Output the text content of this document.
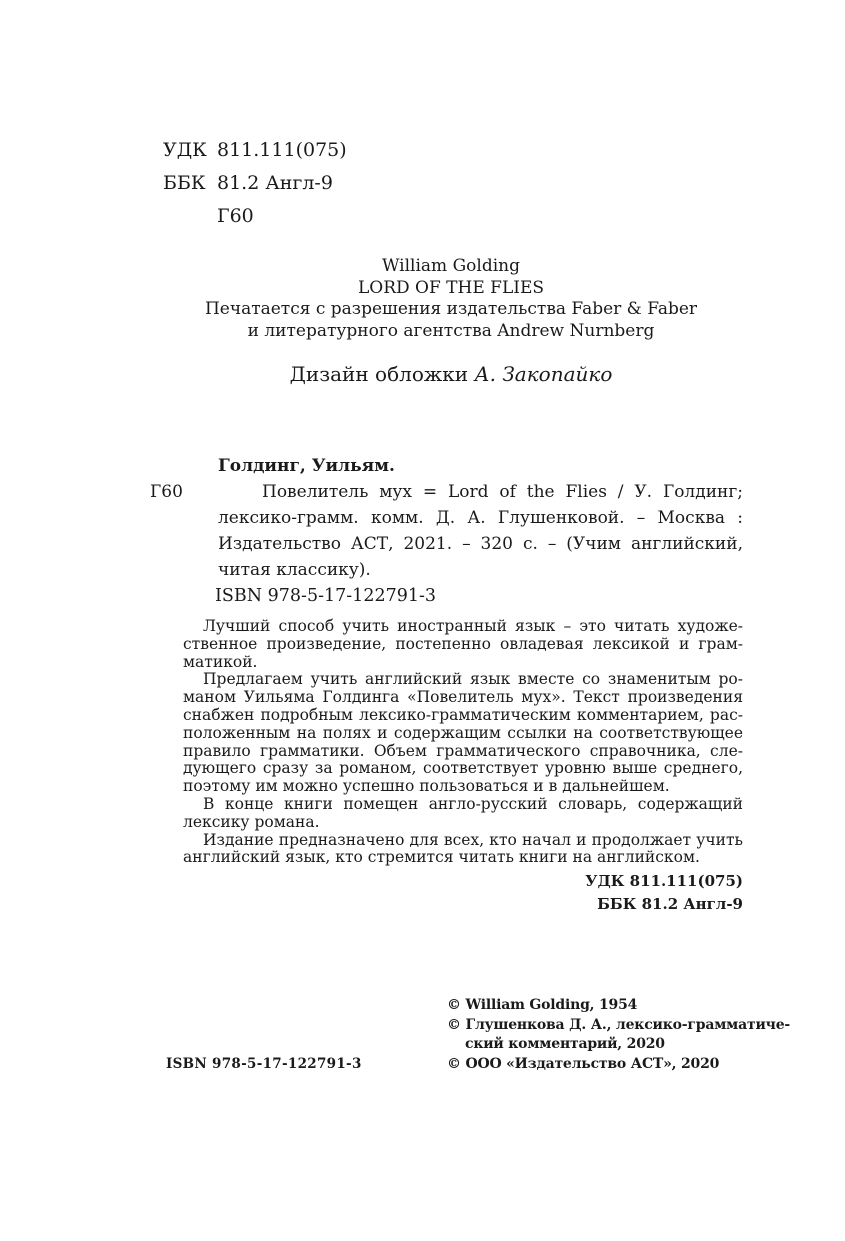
УДК 811.111(075)
ББК 81.2 Англ-9
Г60
William Golding
LORD OF THE FLIES
Печатается с разрешения издательства Faber & Faber
и литературного агентства Andrew Nurnberg
Дизайн обложки А. Закопайко
Голдинг, Уильям.
Г60	Повелитель мух = Lord of the Flies / У. Голдинг;
лексико-грамм. комм. Д. А. Глушенковой. – Москва :
Издательство АСТ, 2021. – 320 с. – (Учим английский,
читая классику).
ISBN 978-5-17-122791-3
Лучший способ учить иностранный язык – это читать художе-
ственное произведение, постепенно овладевая лексикой и грам-
матикой.
Предлагаем учить английский язык вместе со знаменитым ро-
маном Уильяма Голдинга «Повелитель мух». Текст произведения
снабжен подробным лексико-грамматическим комментарием, рас-
положенным на полях и содержащим ссылки на соответствующее
правило грамматики. Объем грамматического справочника, сле-
дующего сразу за романом, соответствует уровню выше среднего,
поэтому им можно успешно пользоваться и в дальнейшем.
В конце книги помещен англо-русский словарь, содержащий
лексику романа.
Издание предназначено для всех, кто начал и продолжает учить
английский язык, кто стремится читать книги на английском.
УДК 811.111(075)
ББК 81.2 Англ-9
© William Golding, 1954
© Глушенкова Д. А., лексико-грамматиче-
ский комментарий, 2020
© ООО «Издательство АСТ», 2020
ISBN 978-5-17-122791-3
